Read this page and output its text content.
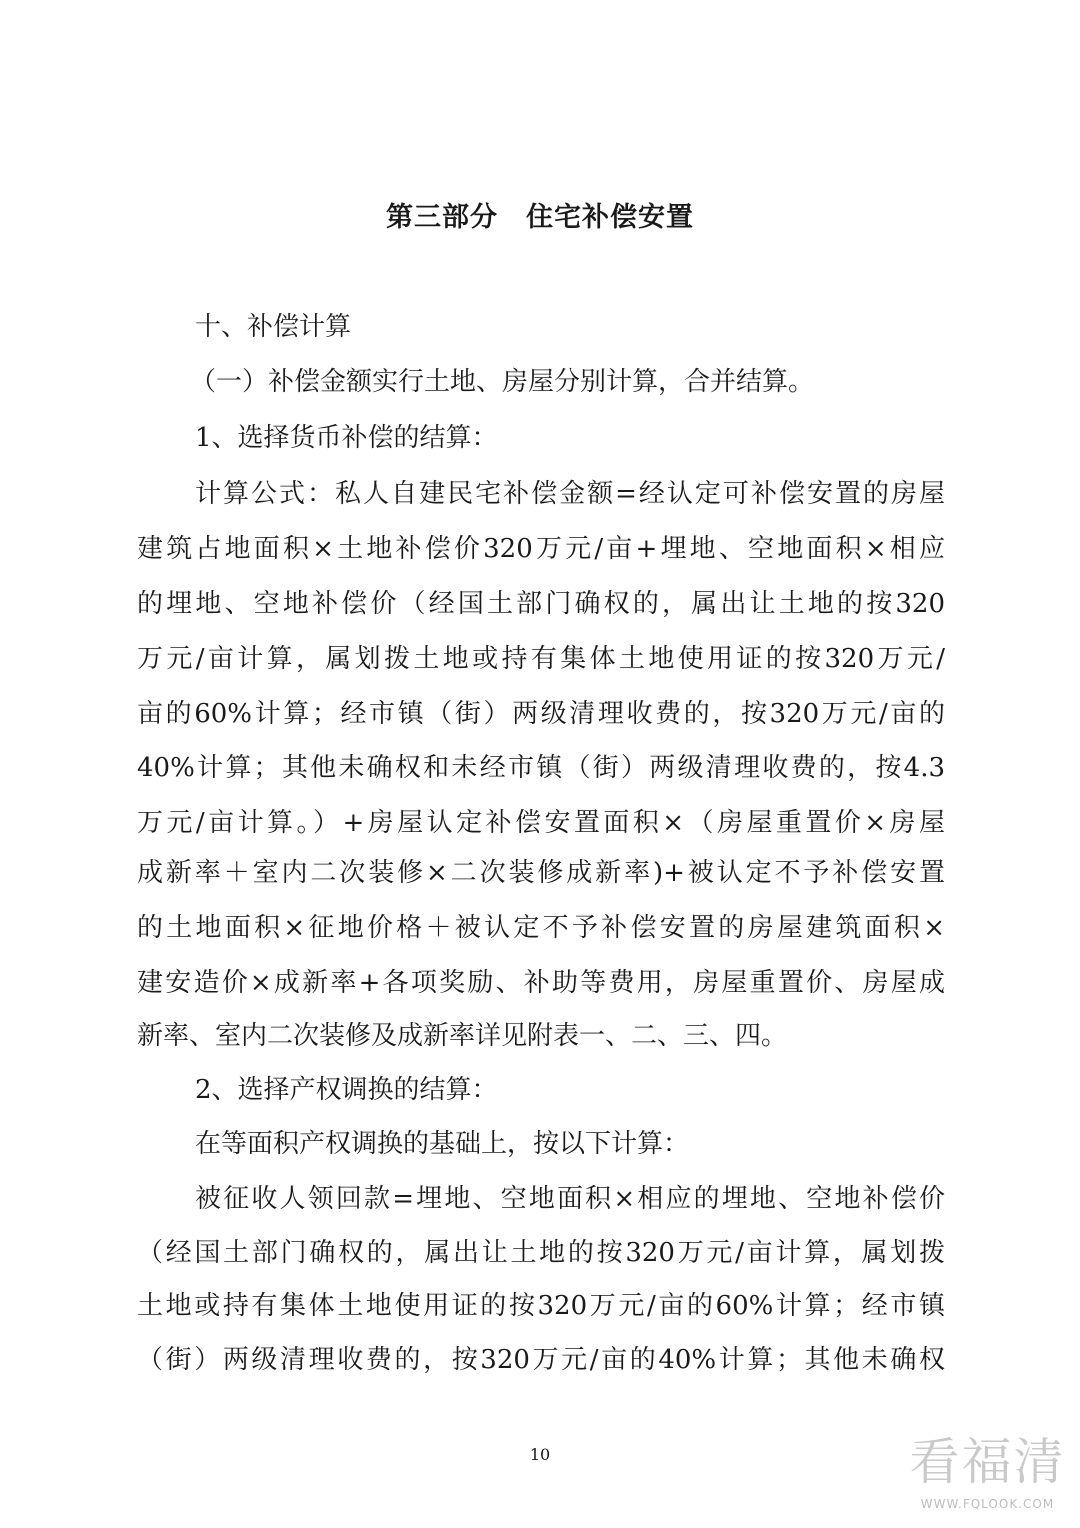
第三部分　住宅补偿安置
十、补偿计算
（一）补偿金额实行土地、房屋分别计算，合并结算。
1、选择货币补偿的结算：
计算公式：私人自建民宅补偿金额=经认定可补偿安置的房屋
建筑占地面积×土地补偿价320万元/亩+埋地、空地面积×相应
的埋地、空地补偿价（经国土部门确权的，属出让土地的按320
万元/亩计算，属划拨土地或持有集体土地使用证的按320万元/
亩的60%计算；经市镇（街）两级清理收费的，按320万元/亩的
40%计算；其他未确权和未经市镇（街）两级清理收费的，按4.3
万元/亩计算。）+房屋认定补偿安置面积×（房屋重置价×房屋
成新率＋室内二次装修×二次装修成新率)+被认定不予补偿安置
的土地面积×征地价格＋被认定不予补偿安置的房屋建筑面积×
建安造价×成新率+各项奖励、补助等费用，房屋重置价、房屋成
新率、室内二次装修及成新率详见附表一、二、三、四。
2、选择产权调换的结算：
在等面积产权调换的基础上，按以下计算：
被征收人领回款=埋地、空地面积×相应的埋地、空地补偿价
（经国土部门确权的，属出让土地的按320万元/亩计算，属划拨
土地或持有集体土地使用证的按320万元/亩的60%计算；经市镇
（街）两级清理收费的，按320万元/亩的40%计算；其他未确权
10	看福清
WWW.FQLOOK.COM
